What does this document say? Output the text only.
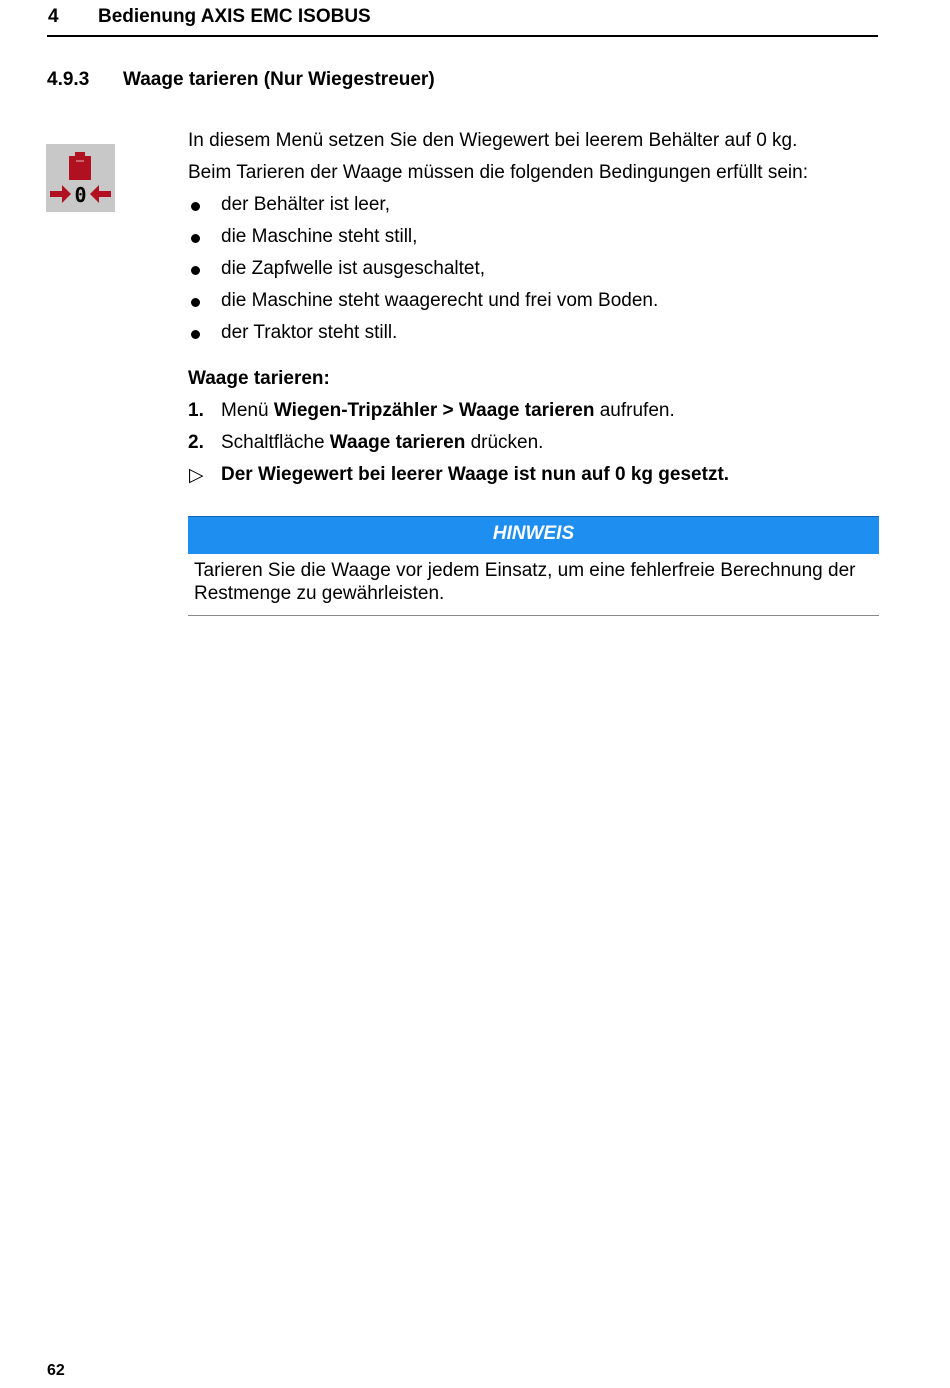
4 Bedienung AXIS EMC ISOBUS
4.9.3 Waage tarieren (Nur Wiegestreuer)
0
In diesem Menü setzen Sie den Wiegewert bei leerem Behälter auf 0 kg.
Beim Tarieren der Waage müssen die folgenden Bedingungen erfüllt sein:
der Behälter ist leer,
die Maschine steht still,
die Zapfwelle ist ausgeschaltet,
die Maschine steht waagerecht und frei vom Boden.
der Traktor steht still.
Waage tarieren:
1. Menü Wiegen-Tripzähler > Waage tarieren aufrufen.
2. Schaltfläche Waage tarieren drücken.
▷ Der Wiegewert bei leerer Waage ist nun auf 0 kg gesetzt.
HINWEIS
Tarieren Sie die Waage vor jedem Einsatz, um eine fehlerfreie Berechnung der Restmenge zu gewährleisten.
62
